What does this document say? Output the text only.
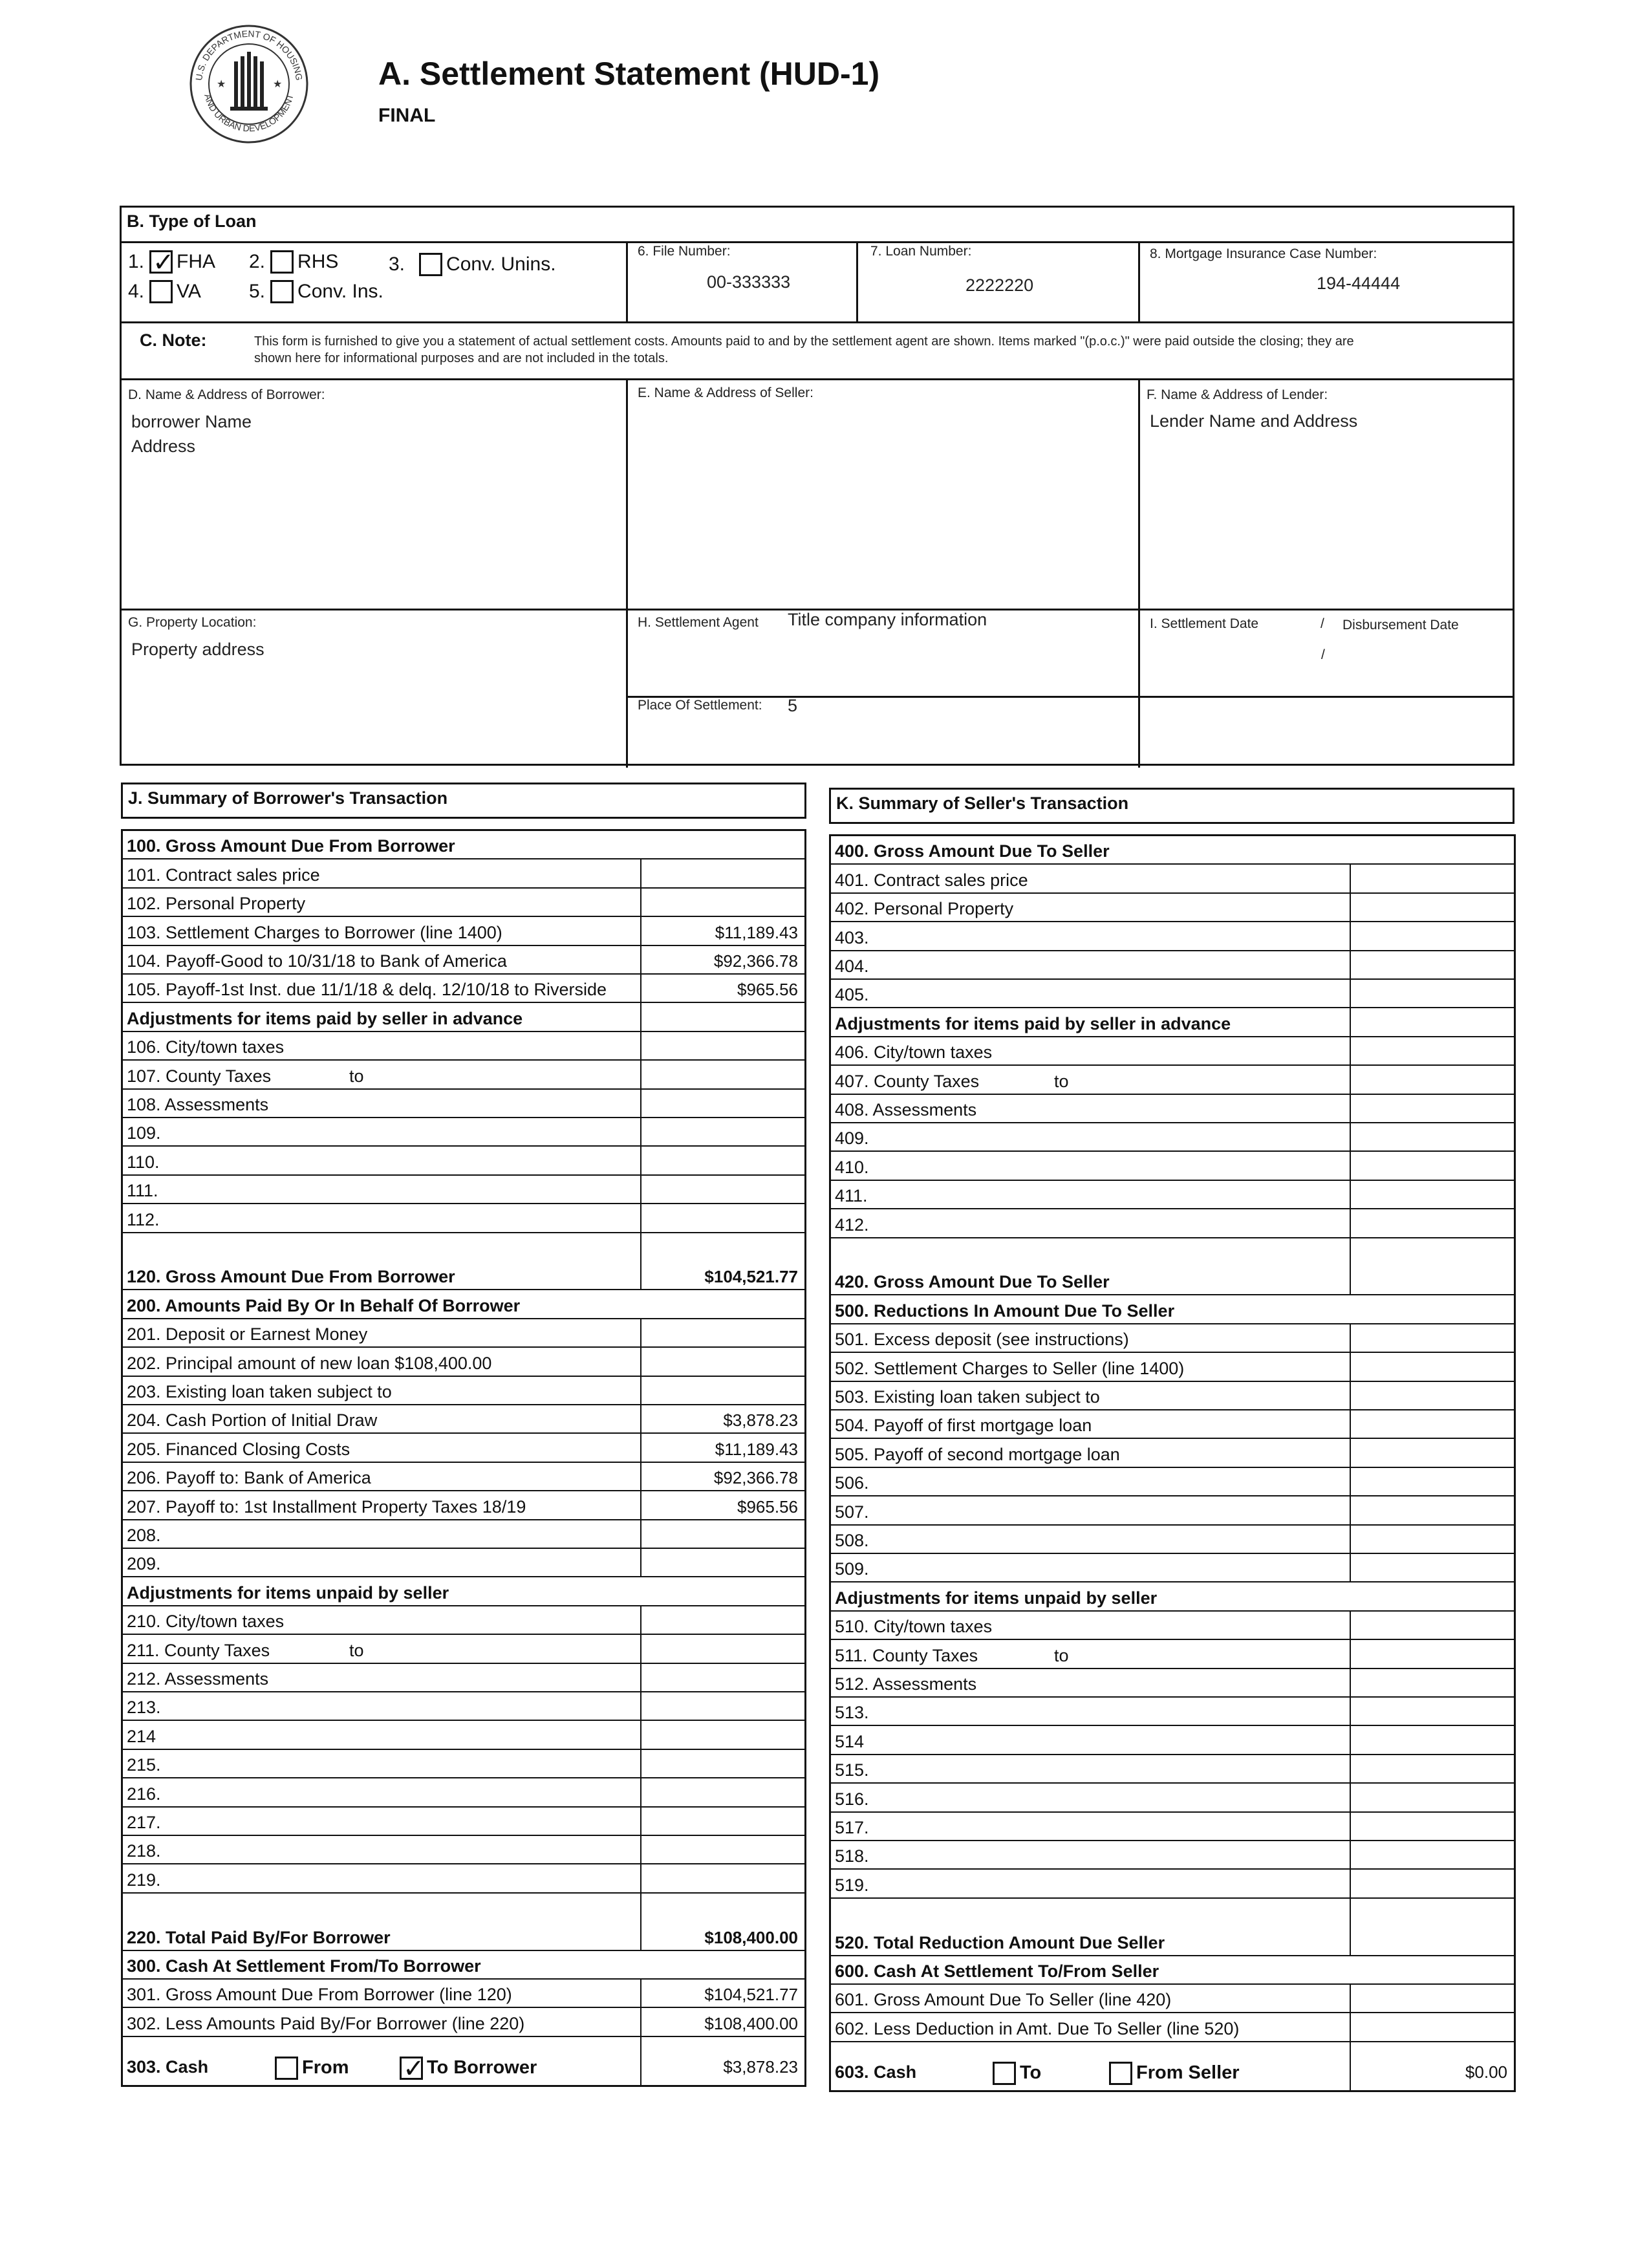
U.S. DEPARTMENT OF HOUSING
AND URBAN DEVELOPMENT
★	★	A. Settlement Statement (HUD-1)
FINAL
B. Type of Loan
1. ✓ FHA 2. RHS	3. Conv. Unins.
4. VA 5. Conv. Ins.
6. File Number:
00-333333
7. Loan Number:
2222220
8. Mortgage Insurance Case Number:
194-44444
C. Note:	This form is furnished to give you a statement of actual settlement costs. Amounts paid to and by the settlement agent are shown. Items marked "(p.o.c.)" were paid outside the closing; they are
shown here for informational purposes and are not included in the totals.
D. Name & Address of Borrower:
borrower Name
Address
E. Name & Address of Seller:	F. Name & Address of Lender:
Lender Name and Address
G. Property Location:
Property address
H. Settlement Agent Title company information	I. Settlement Date	/ Disbursement Date
/
Place Of Settlement: 5
J. Summary of Borrower's Transaction	K. Summary of Seller's Transaction
100. Gross Amount Due From Borrower
101. Contract sales price
102. Personal Property
103. Settlement Charges to Borrower (line 1400)	$11,189.43
104. Payoff-Good to 10/31/18 to Bank of America	$92,366.78
105. Payoff-1st Inst. due 11/1/18 & delq. 12/10/18 to Riverside	$965.56
Adjustments for items paid by seller in advance
106. City/town taxes
107. County Taxes	to
108. Assessments
109.
110.
111.
112.
120. Gross Amount Due From Borrower	$104,521.77
200. Amounts Paid By Or In Behalf Of Borrower
201. Deposit or Earnest Money
202. Principal amount of new loan $108,400.00
203. Existing loan taken subject to
204. Cash Portion of Initial Draw	$3,878.23
205. Financed Closing Costs	$11,189.43
206. Payoff to: Bank of America	$92,366.78
207. Payoff to: 1st Installment Property Taxes 18/19	$965.56
208.
209.
Adjustments for items unpaid by seller
210. City/town taxes
211. County Taxes	to
212. Assessments
213.
214
215.
216.
217.
218.
219.
220. Total Paid By/For Borrower	$108,400.00
300. Cash At Settlement From/To Borrower
301. Gross Amount Due From Borrower (line 120)	$104,521.77
302. Less Amounts Paid By/For Borrower (line 220)	$108,400.00
303. Cash	From ✓	To Borrower	$3,878.23
400. Gross Amount Due To Seller
401. Contract sales price
402. Personal Property
403.
404.
405.
Adjustments for items paid by seller in advance
406. City/town taxes
407. County Taxes	to
408. Assessments
409.
410.
411.
412.
420. Gross Amount Due To Seller
500. Reductions In Amount Due To Seller
501. Excess deposit (see instructions)
502. Settlement Charges to Seller (line 1400)
503. Existing loan taken subject to
504. Payoff of first mortgage loan
505. Payoff of second mortgage loan
506.
507.
508.
509.
Adjustments for items unpaid by seller
510. City/town taxes
511. County Taxes	to
512. Assessments
513.
514
515.
516.
517.
518.
519.
520. Total Reduction Amount Due Seller
600. Cash At Settlement To/From Seller
601. Gross Amount Due To Seller (line 420)
602. Less Deduction in Amt. Due To Seller (line 520)
603. Cash	To	From Seller	$0.00
